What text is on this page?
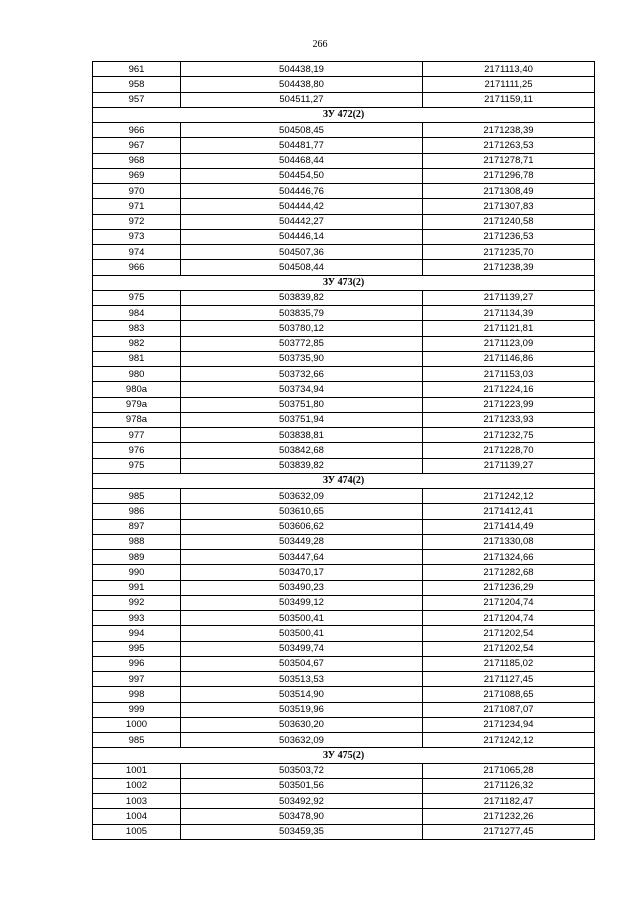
266
961	504438,19	2171113,40
958	504438,80	2171111,25
957	504511,27	2171159,11
ЗУ 472(2)		
966	504508,45	2171238,39
967	504481,77	2171263,53
968	504468,44	2171278,71
969	504454,50	2171296,78
970	504446,76	2171308,49
971	504444,42	2171307,83
972	504442,27	2171240,58
973	504446,14	2171236,53
974	504507,36	2171235,70
966	504508,44	2171238,39
ЗУ 473(2)		
975	503839,82	2171139,27
984	503835,79	2171134,39
983	503780,12	2171121,81
982	503772,85	2171123,09
981	503735,90	2171146,86
980	503732,66	2171153,03
980а	503734,94	2171224,16
979а	503751,80	2171223,99
978а	503751,94	2171233,93
977	503838,81	2171232,75
976	503842,68	2171228,70
975	503839,82	2171139,27
ЗУ 474(2)		
985	503632,09	2171242,12
986	503610,65	2171412,41
897	503606,62	2171414,49
988	503449,28	2171330,08
989	503447,64	2171324,66
990	503470,17	2171282,68
991	503490,23	2171236,29
992	503499,12	2171204,74
993	503500,41	2171204,74
994	503500,41	2171202,54
995	503499,74	2171202,54
996	503504,67	2171185,02
997	503513,53	2171127,45
998	503514,90	2171088,65
999	503519,96	2171087,07
1000	503630,20	2171234,94
985	503632,09	2171242,12
ЗУ 475(2)		
1001	503503,72	2171065,28
1002	503501,56	2171126,32
1003	503492,92	2171182,47
1004	503478,90	2171232,26
1005	503459,35	2171277,45
